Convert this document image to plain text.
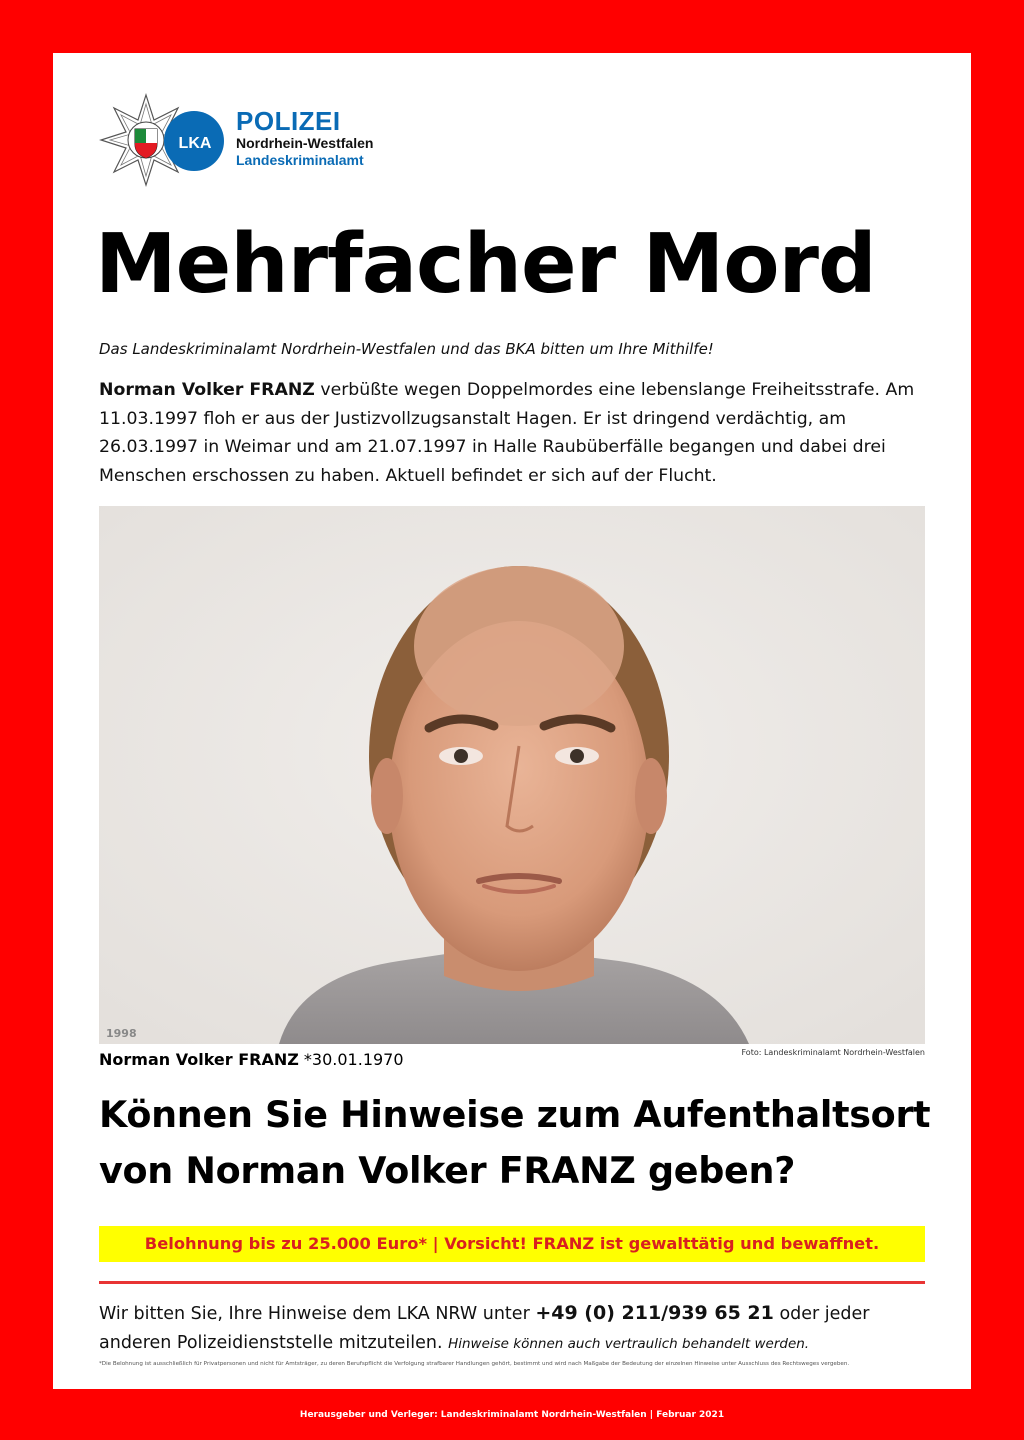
LKA
POLIZEI
Nordrhein-Westfalen
Landeskriminalamt
Mehrfacher Mord
Das Landeskriminalamt Nordrhein-Westfalen und das BKA bitten um Ihre Mithilfe!
Norman Volker FRANZ verbüßte wegen Doppelmordes eine lebenslange Freiheitsstrafe. Am 11.03.1997 floh er aus der Justizvollzugsanstalt Hagen. Er ist dringend verdächtig, am 26.03.1997 in Weimar und am 21.07.1997 in Halle Raubüberfälle begangen und dabei drei Menschen erschossen zu haben. Aktuell befindet er sich auf der Flucht.
1998
Norman Volker FRANZ *30.01.1970	Foto: Landeskriminalamt Nordrhein-Westfalen
Können Sie Hinweise zum Aufenthaltsort von Norman Volker FRANZ geben?
Belohnung bis zu 25.000 Euro* | Vorsicht! FRANZ ist gewalttätig und bewaffnet.
Wir bitten Sie, Ihre Hinweise dem LKA NRW unter +49 (0) 211/939 65 21 oder jeder anderen Polizeidienststelle mitzuteilen. Hinweise können auch vertraulich behandelt werden.
*Die Belohnung ist ausschließlich für Privatpersonen und nicht für Amtsträger, zu deren Berufspflicht die Verfolgung strafbarer Handlungen gehört, bestimmt und wird nach Maßgabe der Bedeutung der einzelnen Hinweise unter Ausschluss des Rechtsweges vergeben.
Herausgeber und Verleger: Landeskriminalamt Nordrhein-Westfalen | Februar 2021
